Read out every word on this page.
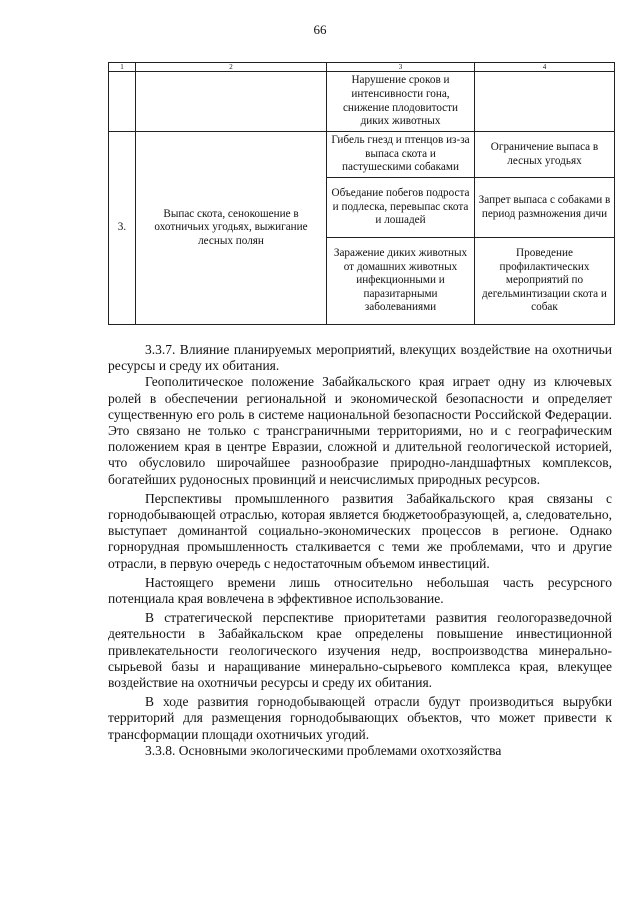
66
1	2	3	4
		Нарушение сроков и интенсивности гона, снижение плодовитости диких животных	
3.	Выпас скота, сенокошение в охотничьих угодьях, выжигание лесных полян	Гибель гнезд и птенцов из-за выпаса скота и пастушескими собаками	Ограничение выпаса в лесных угодьях
		Объедание побегов подроста и подлеска, перевыпас скота и лошадей	Запрет выпаса с собаками в период размножения дичи
		Заражение диких животных от домашних животных инфекционными и паразитарными заболеваниями	Проведение профилактических мероприятий по дегельминтизации скота и собак

3.3.7. Влияние планируемых мероприятий, влекущих воздействие на охотничьи ресурсы и среду их обитания.

Геополитическое положение Забайкальского края играет одну из ключевых ролей в обеспечении региональной и экономической безопасности и определяет существенную его роль в системе национальной безопасности Российской Федерации. Это связано не только с трансграничными территориями, но и с географическим положением края в центре Евразии, сложной и длительной геологической историей, что обусловило широчайшее разнообразие природно-ландшафтных комплексов, богатейших рудоносных провинций и неисчислимых природных ресурсов.

Перспективы промышленного развития Забайкальского края связаны с горнодобывающей отраслью, которая является бюджетообразующей, а, следовательно, выступает доминантой социально-экономических процессов в регионе. Однако горнорудная промышленность сталкивается с теми же проблемами, что и другие отрасли, в первую очередь с недостаточным объемом инвестиций.

Настоящего времени лишь относительно небольшая часть ресурсного потенциала края вовлечена в эффективное использование.

В стратегической перспективе приоритетами развития геологоразведочной деятельности в Забайкальском крае определены повышение инвестиционной привлекательности геологического изучения недр, воспроизводства минерально-сырьевой базы и наращивание минерально-сырьевого комплекса края, влекущее воздействие на охотничьи ресурсы и среду их обитания.

В ходе развития горнодобывающей отрасли будут производиться вырубки территорий для размещения горнодобывающих объектов, что может привести к трансформации площади охотничьих угодий.

3.3.8. Основными экологическими проблемами охотхозяйства
